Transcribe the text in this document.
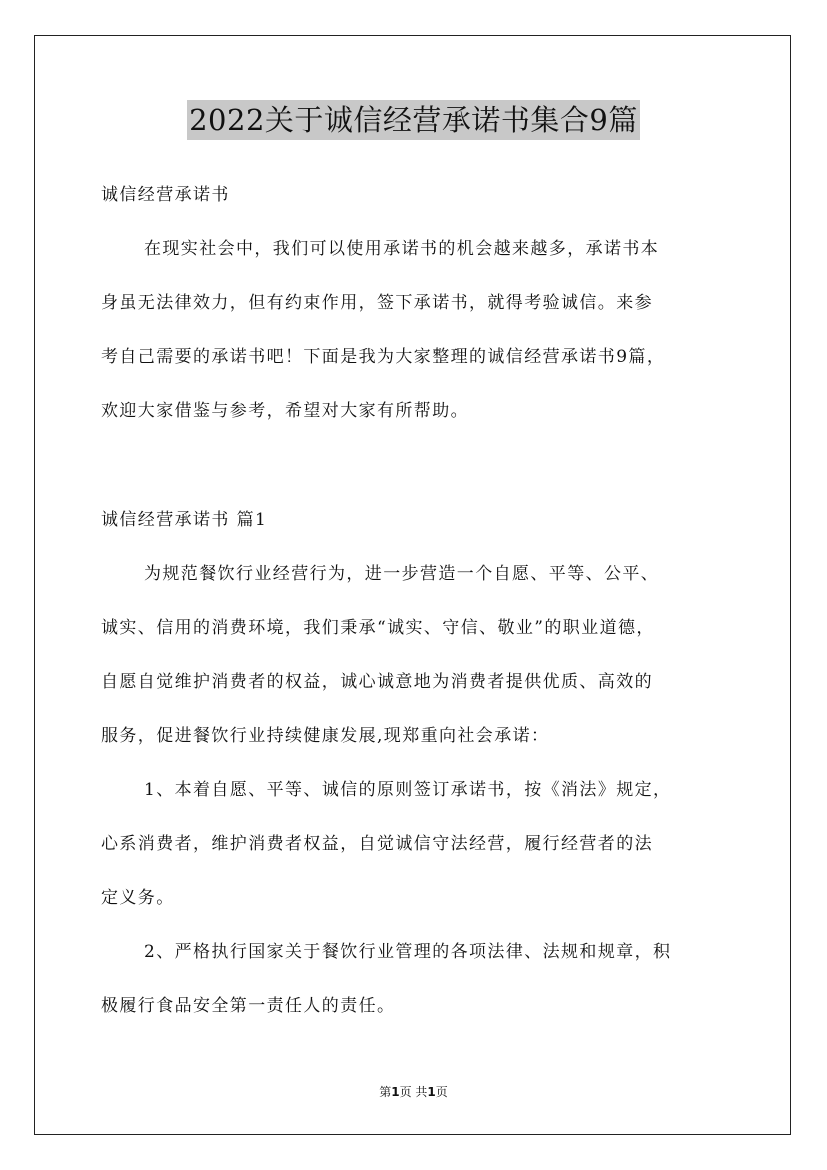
2022关于诚信经营承诺书集合9篇
诚信经营承诺书
在现实社会中，我们可以使用承诺书的机会越来越多，承诺书本
身虽无法律效力，但有约束作用，签下承诺书，就得考验诚信。来参
考自己需要的承诺书吧！下面是我为大家整理的诚信经营承诺书9篇，
欢迎大家借鉴与参考，希望对大家有所帮助。
诚信经营承诺书 篇1
为规范餐饮行业经营行为，进一步营造一个自愿、平等、公平、
诚实、信用的消费环境，我们秉承“诚实、守信、敬业”的职业道德，
自愿自觉维护消费者的权益，诚心诚意地为消费者提供优质、高效的
服务，促进餐饮行业持续健康发展,现郑重向社会承诺：
1、本着自愿、平等、诚信的原则签订承诺书，按《消法》规定，
心系消费者，维护消费者权益，自觉诚信守法经营，履行经营者的法
定义务。
2、严格执行国家关于餐饮行业管理的各项法律、法规和规章，积
极履行食品安全第一责任人的责任。
第1页 共1页
